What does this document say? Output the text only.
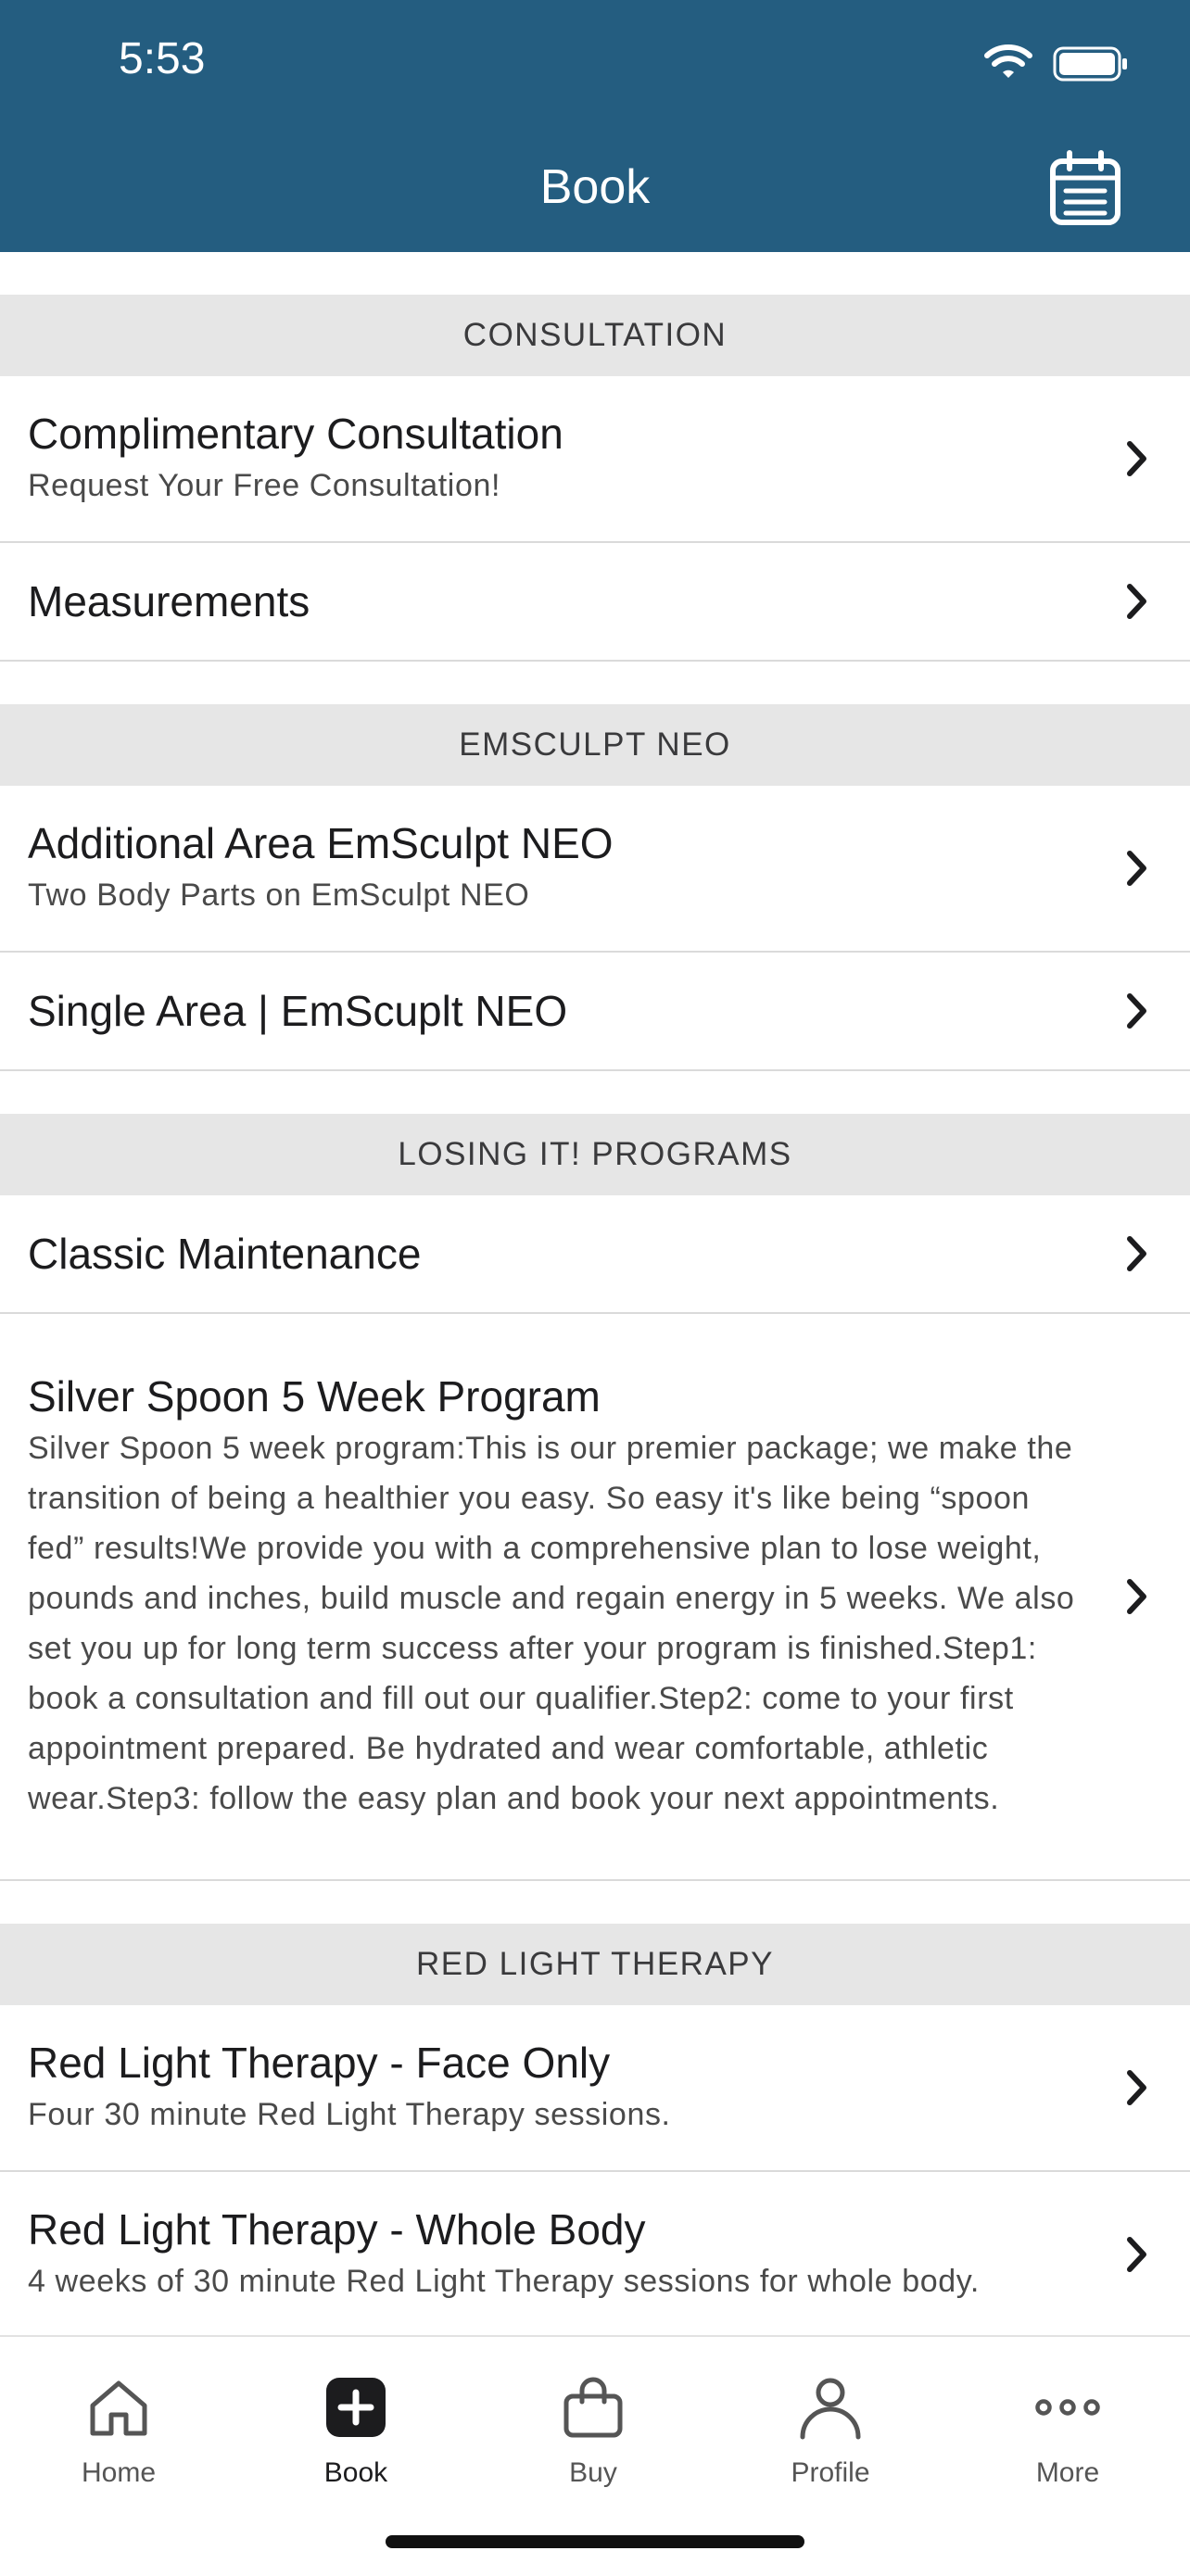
5:53
Book
CONSULTATION
Complimentary Consultation
Request Your Free Consultation!
Measurements
EMSCULPT NEO
Additional Area EmSculpt NEO
Two Body Parts on EmSculpt NEO
Single Area | EmScuplt NEO
LOSING IT! PROGRAMS
Classic Maintenance
Silver Spoon 5 Week Program
Silver Spoon 5 week program:This is our premier package; we make the transition of being a healthier you easy. So easy it's like being “spoon fed” results!We provide you with a comprehensive plan to lose weight, pounds and inches, build muscle and regain energy in 5 weeks. We also set you up for long term success after your program is finished.Step1: book a consultation and fill out our qualifier.Step2: come to your first appointment prepared. Be hydrated and wear comfortable, athletic wear.Step3: follow the easy plan and book your next appointments.
RED LIGHT THERAPY
Red Light Therapy - Face Only
Four 30 minute Red Light Therapy sessions.
Red Light Therapy - Whole Body
4 weeks of 30 minute Red Light Therapy sessions for whole body.
Home	Book	Buy	Profile	More
